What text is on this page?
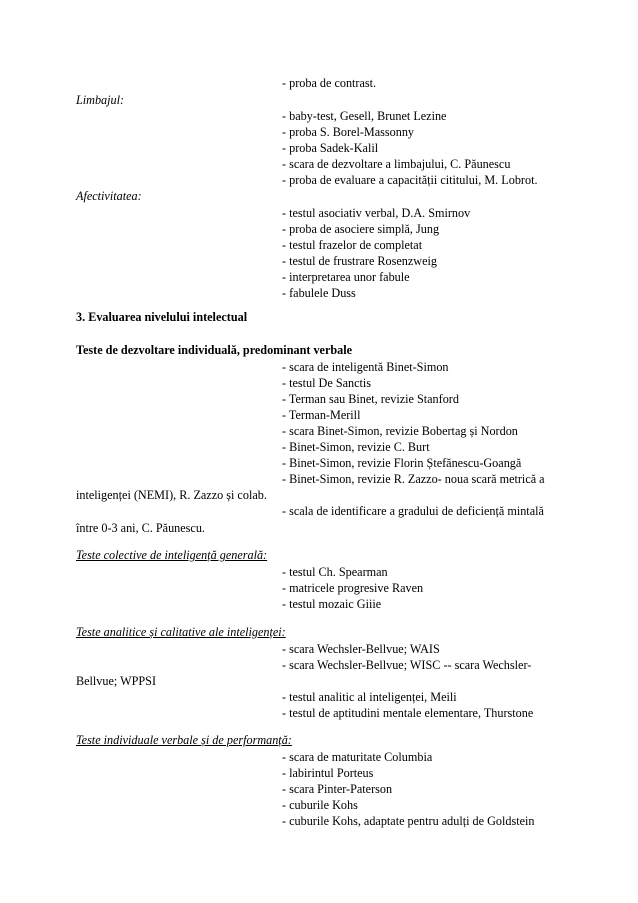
- proba de contrast.
Limbajul:
- baby-test, Gesell, Brunet Lezine
- proba S. Borel-Massonny
- proba Sadek-Kalil
- scara de dezvoltare a limbajului, C. Păunescu
- proba de evaluare a capacității cititului, M. Lobrot.
Afectivitatea:
- testul asociativ verbal, D.A. Smirnov
- proba de asociere simplă, Jung
- testul frazelor de completat
- testul de frustrare Rosenzweig
- interpretarea unor fabule
- fabulele Duss
3. Evaluarea nivelului intelectual
Teste de dezvoltare individuală, predominant verbale
- scara de inteligentă Binet-Simon
- testul De Sanctis
- Terman sau Binet, revizie Stanford
- Terman-Merill
- scara Binet-Simon, revizie Bobertag și Nordon
- Binet-Simon, revizie C. Burt
- Binet-Simon, revizie Florin Ștefănescu-Goangă
- Binet-Simon, revizie R. Zazzo- noua scară metrică a
inteligenței (NEMI), R. Zazzo și colab.
- scala de identificare a gradului de deficiență mintală
între 0-3 ani, C. Păunescu.
Teste colective de inteligență generală:
- testul Ch. Spearman
- matricele progresive Raven
- testul mozaic Giiie
Teste analitice și calitative ale inteligenței:
- scara Wechsler-Bellvue; WAIS
- scara Wechsler-Bellvue; WISC -- scara Wechsler-
Bellvue; WPPSI
- testul analitic al inteligenței, Meili
- testul de aptitudini mentale elementare, Thurstone
Teste individuale verbale și de performanță:
- scara de maturitate Columbia
- labirintul Porteus
- scara Pinter-Paterson
- cuburile Kohs
- cuburile Kohs, adaptate pentru adulți de Goldstein
